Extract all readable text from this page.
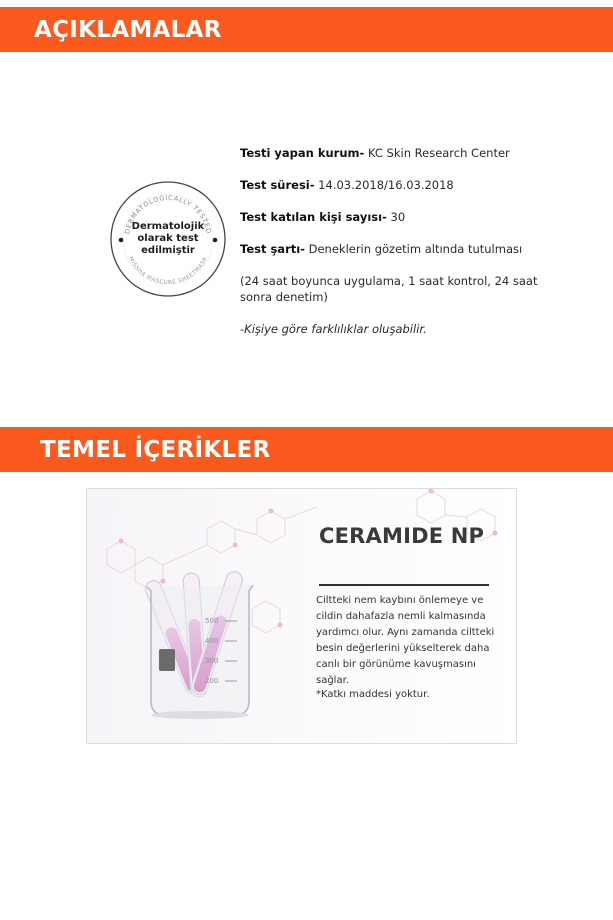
AÇIKLAMALAR
DERMATOLOGICALLY TESTED
MISSHA MASCURE SHEETMASK
Dermatolojik
olarak test
edilmiştir

Testi yapan kurum- KC Skin Research Center

Test süresi- 14.03.2018/16.03.2018

Test katılan kişi sayısı- 30

Test şartı- Deneklerin gözetim altında tutulması

(24 saat boyunca uygulama, 1 saat kontrol, 24 saat sonra denetim)

-Kişiye göre farklılıklar oluşabilir.

TEMEL İÇERİKLER
500
400
300
200
CERAMIDE NP
Ciltteki nem kaybını önlemeye ve cildin dahafazla nemli kalmasında yardımcı olur. Aynı zamanda ciltteki besin değerlerini yükselterek daha canlı bir görünüme kavuşmasını sağlar.
*Katkı maddesi yoktur.
